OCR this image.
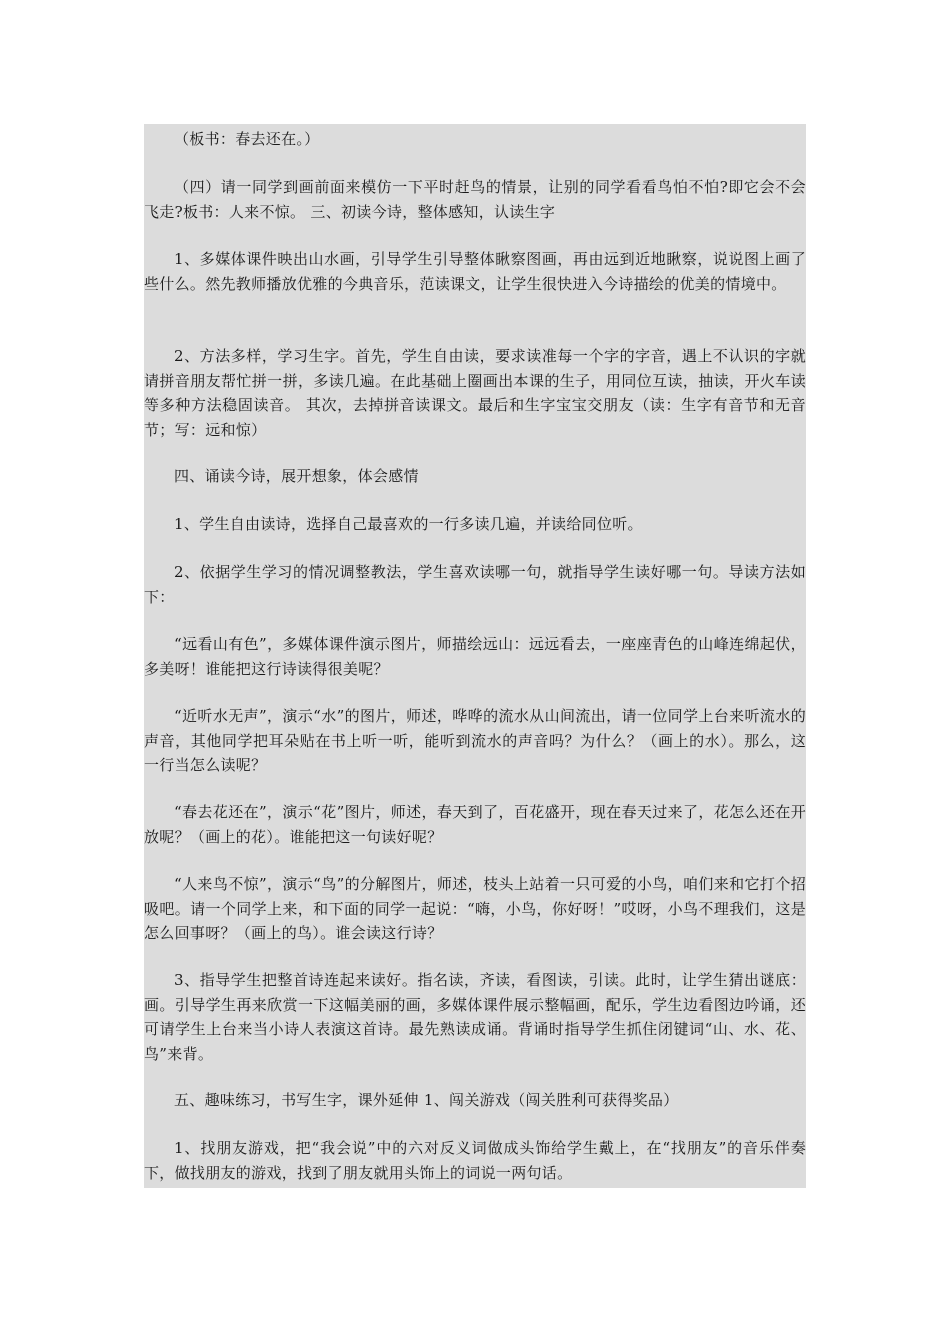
（板书：春去还在。）

（四）请一同学到画前面来模仿一下平时赶鸟的情景，让别的同学看看鸟怕不怕?即它会不会飞走?板书：人来不惊。 三、初读今诗，整体感知，认读生字

1、多媒体课件映出山水画，引导学生引导整体瞅察图画，再由远到近地瞅察，说说图上画了些什么。然先教师播放优雅的今典音乐，范读课文，让学生很快进入今诗描绘的优美的情境中。

2、方法多样，学习生字。首先，学生自由读，要求读准每一个字的字音，遇上不认识的字就请拼音朋友帮忙拼一拼，多读几遍。在此基础上圈画出本课的生子，用同位互读，抽读，开火车读等多种方法稳固读音。 其次，去掉拼音读课文。最后和生字宝宝交朋友（读：生字有音节和无音节；写：远和惊）

四、诵读今诗，展开想象，体会感情

1、学生自由读诗，选择自己最喜欢的一行多读几遍，并读给同位听。

2、依据学生学习的情况调整教法，学生喜欢读哪一句，就指导学生读好哪一句。导读方法如下：

“远看山有色”，多媒体课件演示图片，师描绘远山：远远看去，一座座青色的山峰连绵起伏，多美呀！谁能把这行诗读得很美呢？

“近听水无声”，演示“水”的图片，师述，哗哗的流水从山间流出，请一位同学上台来听流水的声音，其他同学把耳朵贴在书上听一听，能听到流水的声音吗？为什么？（画上的水）。那么，这一行当怎么读呢？

“春去花还在”，演示“花”图片，师述，春天到了，百花盛开，现在春天过来了，花怎么还在开放呢？（画上的花）。谁能把这一句读好呢？

“人来鸟不惊”，演示“鸟”的分解图片，师述，枝头上站着一只可爱的小鸟，咱们来和它打个招吸吧。请一个同学上来，和下面的同学一起说：“嗨，小鸟，你好呀！”哎呀，小鸟不理我们，这是怎么回事呀？（画上的鸟）。谁会读这行诗？

3、指导学生把整首诗连起来读好。指名读，齐读，看图读，引读。此时，让学生猜出谜底：画。引导学生再来欣赏一下这幅美丽的画，多媒体课件展示整幅画，配乐，学生边看图边吟诵，还可请学生上台来当小诗人表演这首诗。最先熟读成诵。背诵时指导学生抓住闭键词“山、水、花、鸟”来背。

五、趣味练习，书写生字，课外延伸 1、闯关游戏（闯关胜利可获得奖品）

1、找朋友游戏，把“我会说”中的六对反义词做成头饰给学生戴上，在“找朋友”的音乐伴奏下，做找朋友的游戏，找到了朋友就用头饰上的词说一两句话。
